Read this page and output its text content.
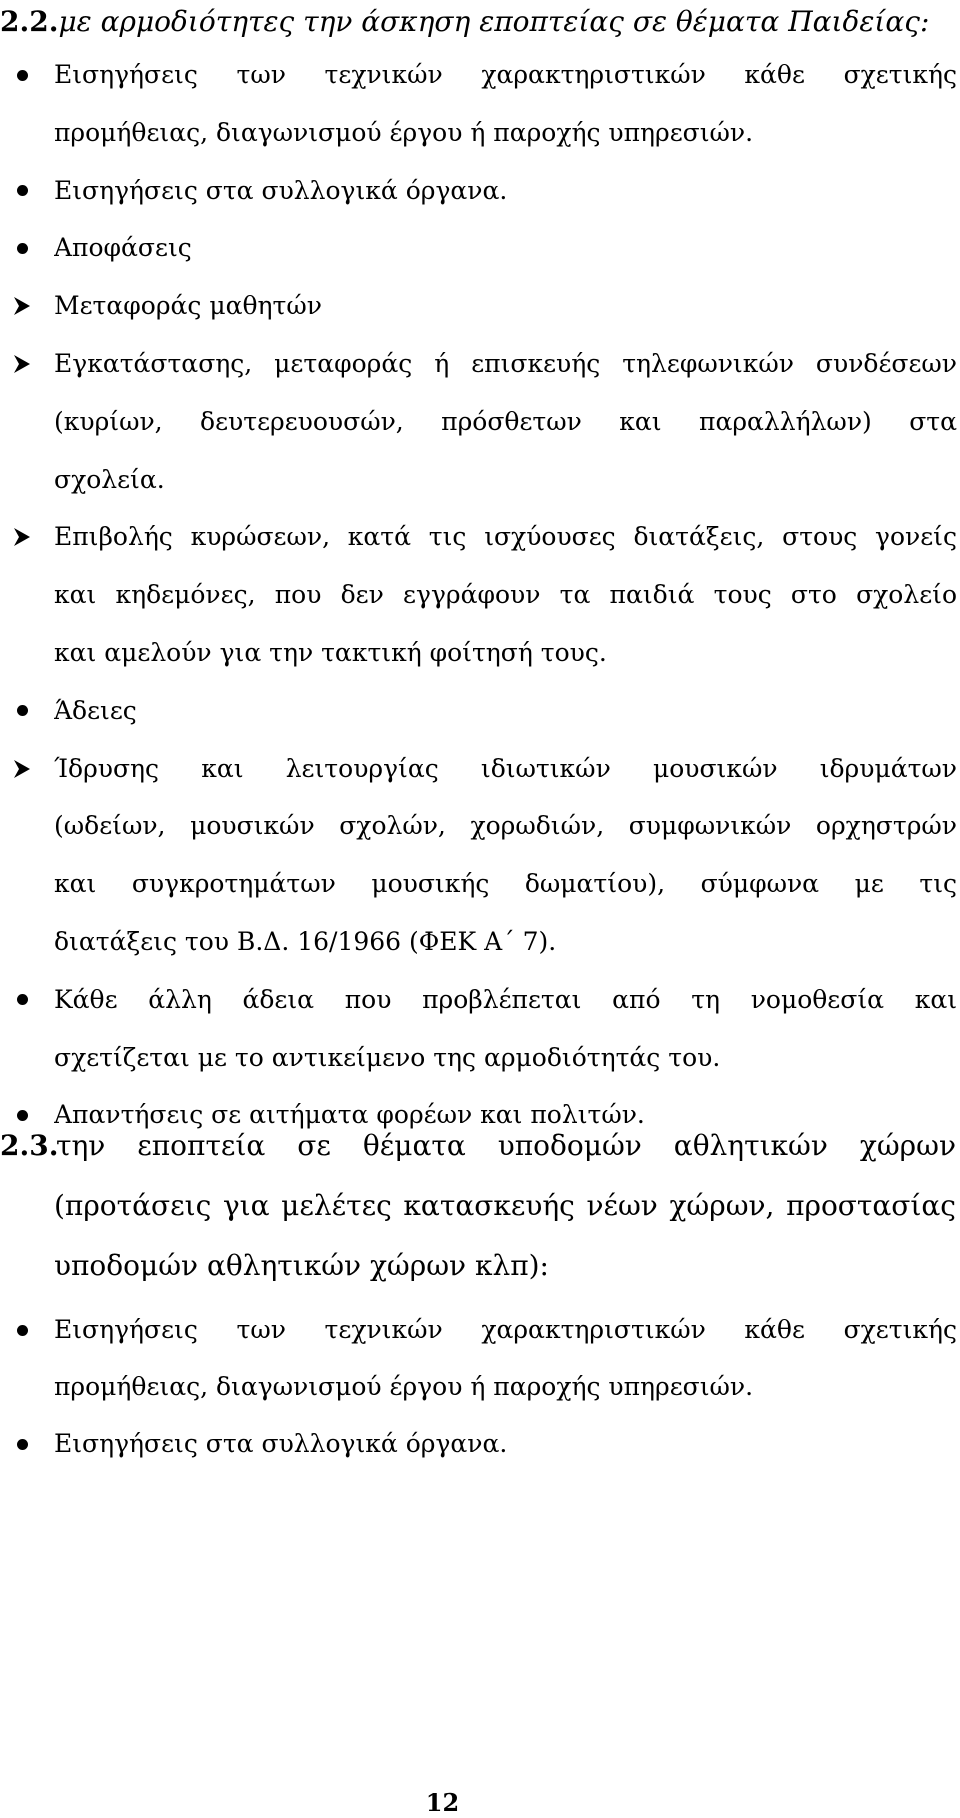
2.2.με αρμοδιότητες την άσκηση εποπτείας σε θέματα Παιδείας:
Εισηγήσεις των τεχνικών χαρακτηριστικών κάθε σχετικής
προμήθειας, διαγωνισμού έργου ή παροχής υπηρεσιών.
Εισηγήσεις στα συλλογικά όργανα.
Αποφάσεις
Μεταφοράς μαθητών
Εγκατάστασης, μεταφοράς ή επισκευής τηλεφωνικών συνδέσεων
(κυρίων, δευτερευουσών, πρόσθετων και παραλλήλων) στα
σχολεία.
Επιβολής κυρώσεων, κατά τις ισχύουσες διατάξεις, στους γονείς
και κηδεμόνες, που δεν εγγράφουν τα παιδιά τους στο σχολείο
και αμελούν για την τακτική φοίτησή τους.
Άδειες
Ίδρυσης και λειτουργίας ιδιωτικών μουσικών ιδρυμάτων
(ωδείων, μουσικών σχολών, χορωδιών, συμφωνικών ορχηστρών
και συγκροτημάτων μουσικής δωματίου), σύμφωνα με τις
διατάξεις του Β.Δ. 16/1966 (ΦΕΚ Α΄ 7).
Κάθε άλλη άδεια που προβλέπεται από τη νομοθεσία και
σχετίζεται με το αντικείμενο της αρμοδιότητάς του.
Απαντήσεις σε αιτήματα φορέων και πολιτών.
2.3.
την εποπτεία σε θέματα υποδομών αθλητικών χώρων
(προτάσεις για μελέτες κατασκευής νέων χώρων, προστασίας
υποδομών αθλητικών χώρων κλπ):
Εισηγήσεις των τεχνικών χαρακτηριστικών κάθε σχετικής
προμήθειας, διαγωνισμού έργου ή παροχής υπηρεσιών.
Εισηγήσεις στα συλλογικά όργανα.
12
